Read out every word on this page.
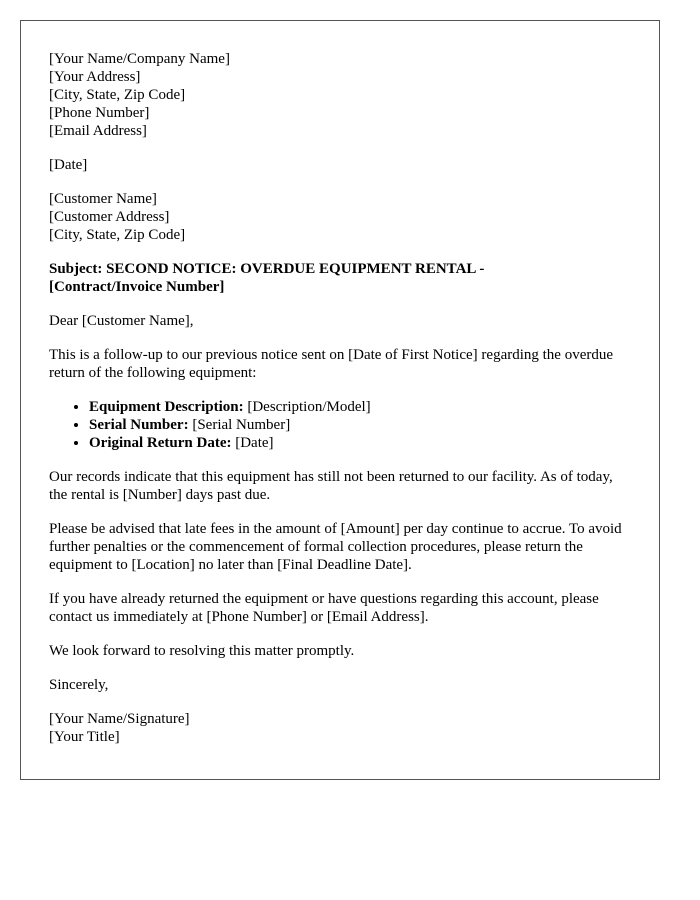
[Your Name/Company Name]
[Your Address]
[City, State, Zip Code]
[Phone Number]
[Email Address]
[Date]
[Customer Name]
[Customer Address]
[City, State, Zip Code]
Subject: SECOND NOTICE: OVERDUE EQUIPMENT RENTAL -
[Contract/Invoice Number]

Dear [Customer Name],

This is a follow-up to our previous notice sent on [Date of First Notice] regarding the overdue return of the following equipment:

• Equipment Description: [Description/Model]
• Serial Number: [Serial Number]
• Original Return Date: [Date]

Our records indicate that this equipment has still not been returned to our facility. As of today, the rental is [Number] days past due.

Please be advised that late fees in the amount of [Amount] per day continue to accrue. To avoid further penalties or the commencement of formal collection procedures, please return the equipment to [Location] no later than [Final Deadline Date].

If you have already returned the equipment or have questions regarding this account, please contact us immediately at [Phone Number] or [Email Address].

We look forward to resolving this matter promptly.

Sincerely,

[Your Name/Signature]
[Your Title]
